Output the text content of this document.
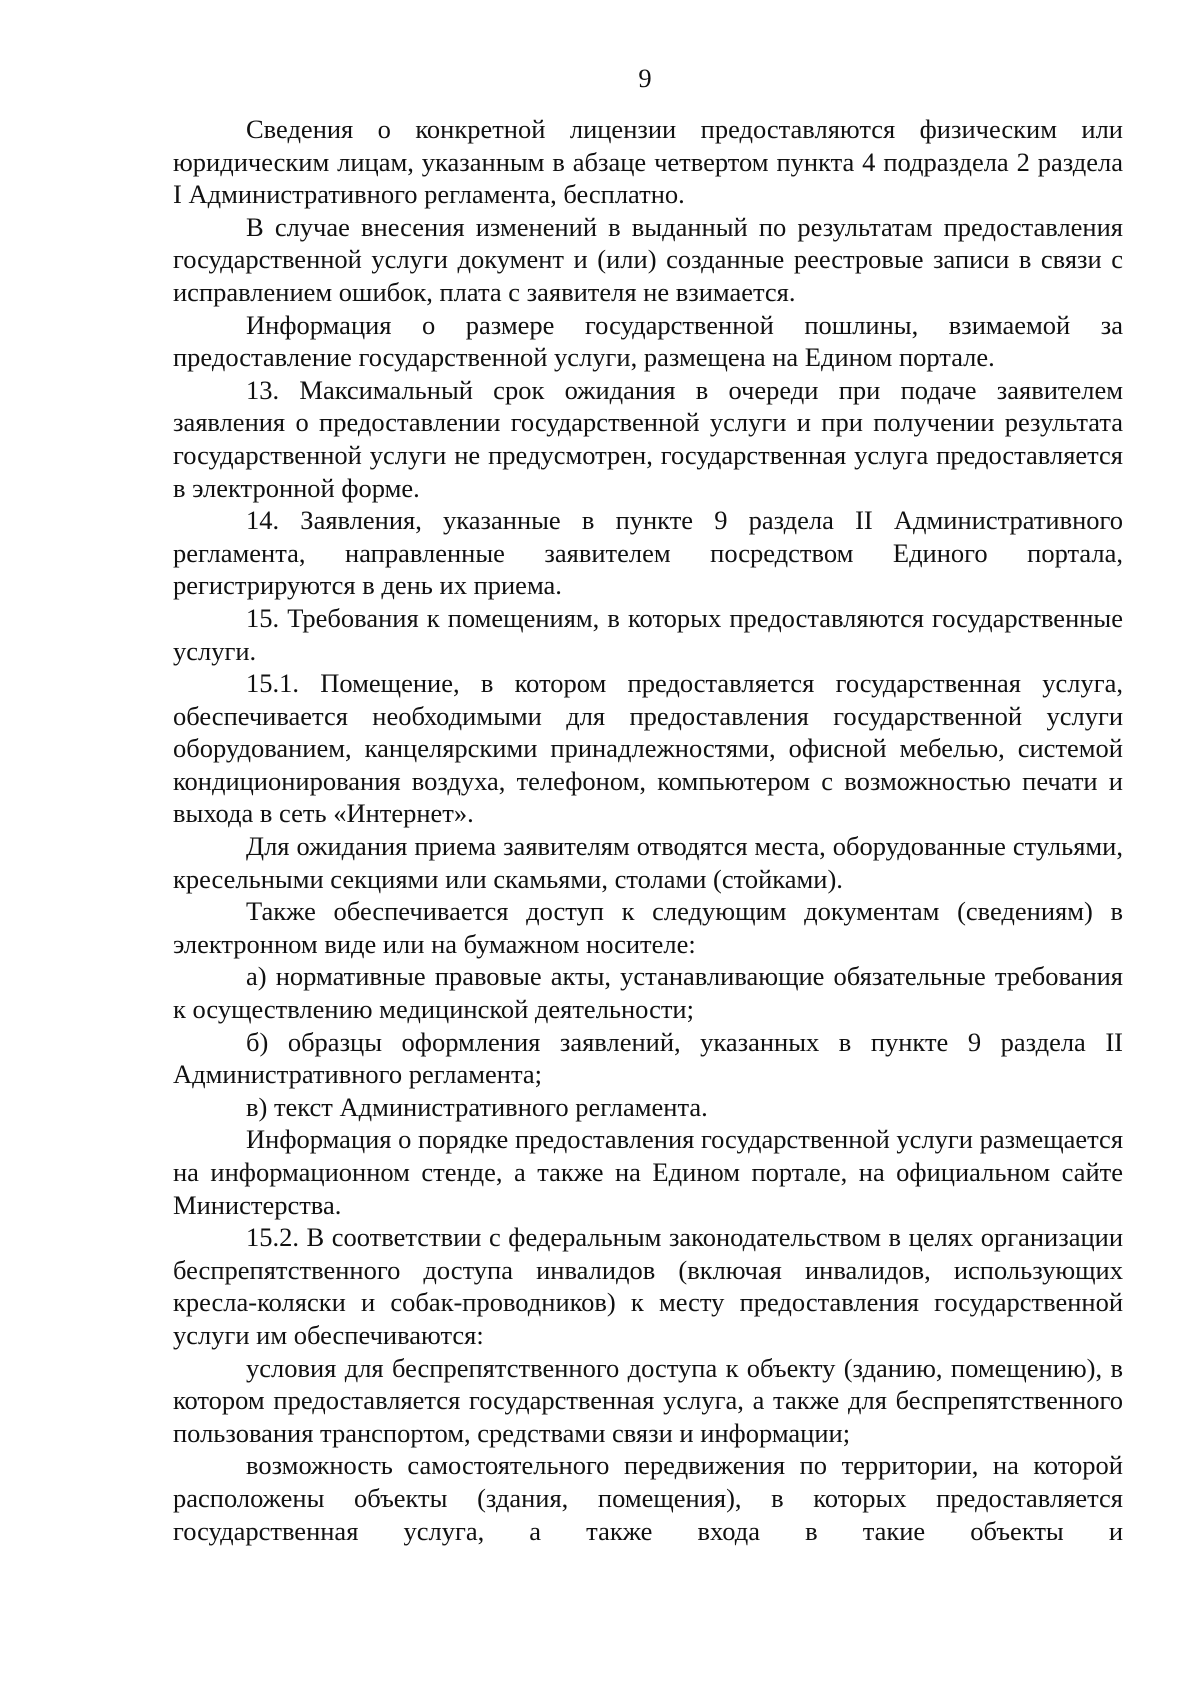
9

Сведения о конкретной лицензии предоставляются физическим или юридическим лицам, указанным в абзаце четвертом пункта 4 подраздела 2 раздела I Административного регламента, бесплатно.

В случае внесения изменений в выданный по результатам предоставления государственной услуги документ и (или) созданные реестровые записи в связи с исправлением ошибок, плата с заявителя не взимается.

Информация о размере государственной пошлины, взимаемой за предоставление государственной услуги, размещена на Едином портале.

13. Максимальный срок ожидания в очереди при подаче заявителем заявления о предоставлении государственной услуги и при получении результата государственной услуги не предусмотрен, государственная услуга предоставляется в электронной форме.

14. Заявления, указанные в пункте 9 раздела II Административного регламента, направленные заявителем посредством Единого портала, регистрируются в день их приема.

15. Требования к помещениям, в которых предоставляются государственные услуги.

15.1. Помещение, в котором предоставляется государственная услуга, обеспечивается необходимыми для предоставления государственной услуги оборудованием, канцелярскими принадлежностями, офисной мебелью, системой кондиционирования воздуха, телефоном, компьютером с возможностью печати и выхода в сеть «Интернет».

Для ожидания приема заявителям отводятся места, оборудованные стульями, кресельными секциями или скамьями, столами (стойками).

Также обеспечивается доступ к следующим документам (сведениям) в электронном виде или на бумажном носителе:

а) нормативные правовые акты, устанавливающие обязательные требования к осуществлению медицинской деятельности;

б) образцы оформления заявлений, указанных в пункте 9 раздела II Административного регламента;

в) текст Административного регламента.

Информация о порядке предоставления государственной услуги размещается на информационном стенде, а также на Едином портале, на официальном сайте Министерства.

15.2. В соответствии с федеральным законодательством в целях организации беспрепятственного доступа инвалидов (включая инвалидов, использующих кресла-коляски и собак-проводников) к месту предоставления государственной услуги им обеспечиваются:

условия для беспрепятственного доступа к объекту (зданию, помещению), в котором предоставляется государственная услуга, а также для беспрепятственного пользования транспортом, средствами связи и информации;

возможность самостоятельного передвижения по территории, на которой расположены объекты (здания, помещения), в которых предоставляется государственная услуга, а также входа в такие объекты и
